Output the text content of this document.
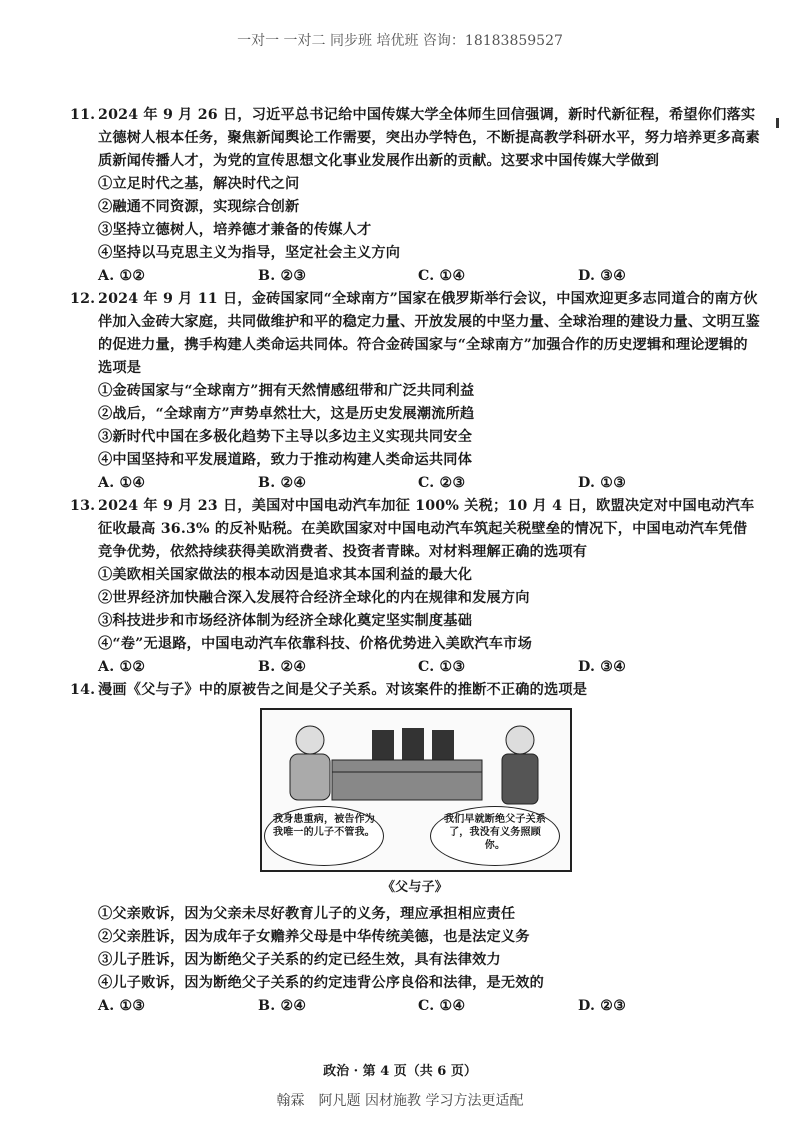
一对一 一对二 同步班 培优班 咨询：18183859527

11. 2024 年 9 月 26 日，习近平总书记给中国传媒大学全体师生回信强调，新时代新征程，希望你们落实立德树人根本任务，聚焦新闻舆论工作需要，突出办学特色，不断提高教学科研水平，努力培养更多高素质新闻传播人才，为党的宣传思想文化事业发展作出新的贡献。这要求中国传媒大学做到

①立足时代之基，解决时代之问

②融通不同资源，实现综合创新

③坚持立德树人，培养德才兼备的传媒人才

④坚持以马克思主义为指导，坚定社会主义方向

A. ①②	B. ②③	C. ①④	D. ③④

12. 2024 年 9 月 11 日，金砖国家同“全球南方”国家在俄罗斯举行会议，中国欢迎更多志同道合的南方伙伴加入金砖大家庭，共同做维护和平的稳定力量、开放发展的中坚力量、全球治理的建设力量、文明互鉴的促进力量，携手构建人类命运共同体。符合金砖国家与“全球南方”加强合作的历史逻辑和理论逻辑的选项是

①金砖国家与“全球南方”拥有天然情感纽带和广泛共同利益

②战后，“全球南方”声势卓然壮大，这是历史发展潮流所趋

③新时代中国在多极化趋势下主导以多边主义实现共同安全

④中国坚持和平发展道路，致力于推动构建人类命运共同体

A. ①④	B. ②④	C. ②③	D. ①③

13. 2024 年 9 月 23 日，美国对中国电动汽车加征 100% 关税；10 月 4 日，欧盟决定对中国电动汽车征收最高 36.3% 的反补贴税。在美欧国家对中国电动汽车筑起关税壁垒的情况下，中国电动汽车凭借竞争优势，依然持续获得美欧消费者、投资者青睐。对材料理解正确的选项有

①美欧相关国家做法的根本动因是追求其本国利益的最大化

②世界经济加快融合深入发展符合经济全球化的内在规律和发展方向

③科技进步和市场经济体制为经济全球化奠定坚实制度基础

④“卷”无退路，中国电动汽车依靠科技、价格优势进入美欧汽车市场

A. ①②	B. ②④	C. ①③	D. ③④

14. 漫画《父与子》中的原被告之间是父子关系。对该案件的推断不正确的选项是

我身患重病，被告作为我唯一的儿子不管我。
我们早就断绝父子关系了，我没有义务照顾你。
《父与子》

①父亲败诉，因为父亲未尽好教育儿子的义务，理应承担相应责任

②父亲胜诉，因为成年子女赡养父母是中华传统美德，也是法定义务

③儿子胜诉，因为断绝父子关系的约定已经生效，具有法律效力

④儿子败诉，因为断绝父子关系的约定违背公序良俗和法律，是无效的

A. ①③	B. ②④	C. ①④	D. ②③
政治 · 第 4 页（共 6 页）
翰霖　阿凡题 因材施教 学习方法更适配
